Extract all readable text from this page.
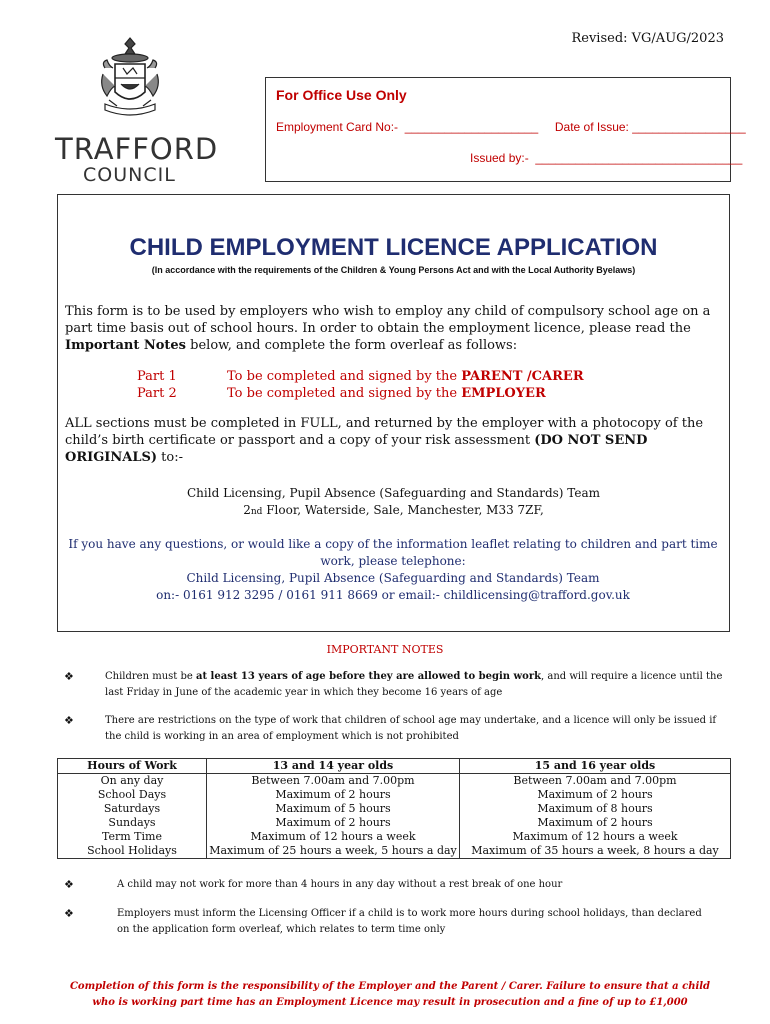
Revised: VG/AUG/2023
TRAFFORD
COUNCIL
For Office Use Only
Employment Card No:-  ____________________     Date of Issue: _________________
Issued by:-  _______________________________
CHILD EMPLOYMENT LICENCE APPLICATION
(In accordance with the requirements of the Children & Young Persons Act and with the Local Authority Byelaws)
This form is to be used by employers who wish to employ any child of compulsory school age on a part time basis out of school hours. In order to obtain the employment licence, please read the Important Notes below, and complete the form overleaf as follows:
Part 1	To be completed and signed by the PARENT /CARER
Part 2	To be completed and signed by the EMPLOYER
ALL sections must be completed in FULL, and returned by the employer with a photocopy of the child’s birth certificate or passport and a copy of your risk assessment (DO NOT SEND ORIGINALS) to:-
Child Licensing, Pupil Absence (Safeguarding and Standards) Team
2nd Floor, Waterside, Sale, Manchester, M33 7ZF,
If you have any questions, or would like a copy of the information leaflet relating to children and part time work, please telephone:
Child Licensing, Pupil Absence (Safeguarding and Standards) Team
on:- 0161 912 3295 / 0161 911 8669 or email:- childlicensing@trafford.gov.uk
IMPORTANT NOTES
❖	Children must be at least 13 years of age before they are allowed to begin work, and will require a licence until the last Friday in June of the academic year in which they become 16 years of age
❖	There are restrictions on the type of work that children of school age may undertake, and a licence will only be issued if the child is working in an area of employment which is not prohibited
Hours of Work	13 and 14 year olds	15 and 16 year olds
On any day	Between 7.00am and 7.00pm	Between 7.00am and 7.00pm
School Days	Maximum of 2 hours	Maximum of 2 hours
Saturdays	Maximum of 5 hours	Maximum of 8 hours
Sundays	Maximum of 2 hours	Maximum of 2 hours
Term Time	Maximum of 12 hours a week	Maximum of 12 hours a week
School Holidays	Maximum of 25 hours a week, 5 hours a day	Maximum of 35 hours a week, 8 hours a day
❖	A child may not work for more than 4 hours in any day without a rest break of one hour
❖	Employers must inform the Licensing Officer if a child is to work more hours during school holidays, than declared on the application form overleaf, which relates to term time only
Completion of this form is the responsibility of the Employer and the Parent / Carer. Failure to ensure that a child who is working part time has an Employment Licence may result in prosecution and a fine of up to £1,000
